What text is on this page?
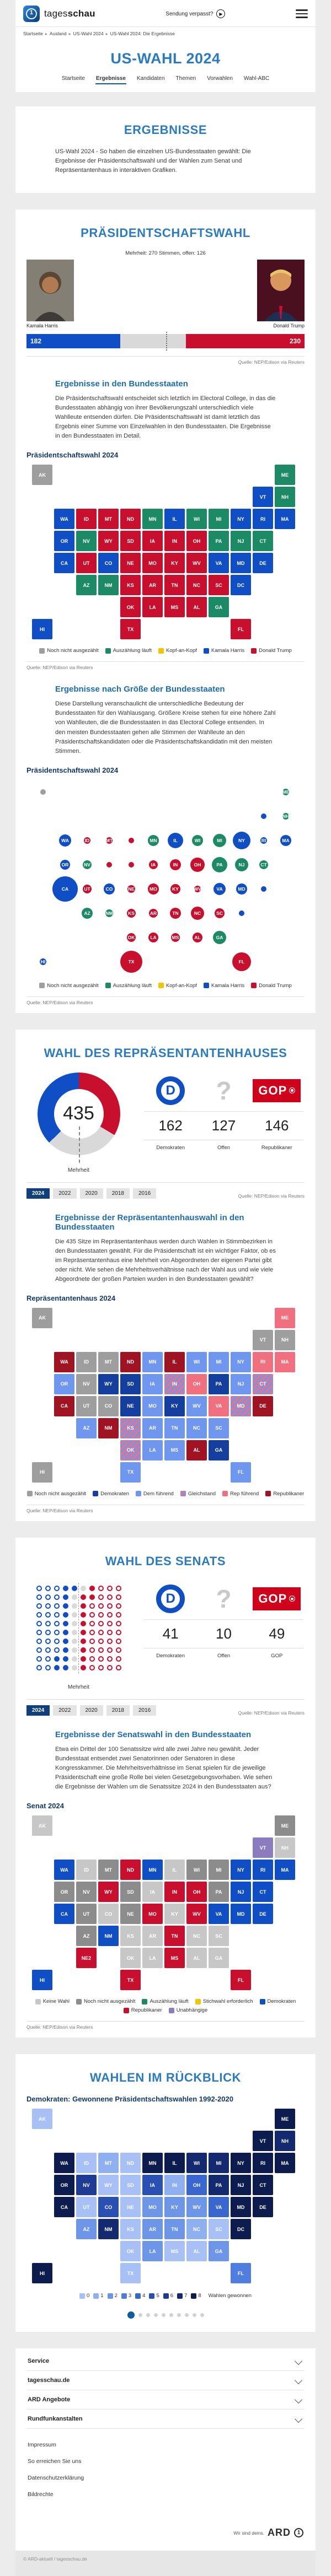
1 tagesschau	Sendung verpasst?	▶
Startseite ▸ Ausland ▸ US-Wahl 2024 ▸ US-Wahl 2024: Die Ergebnisse
US-WAHL 2024
Startseite Ergebnisse Kandidaten Themen Vorwahlen Wahl-ABC
ERGEBNISSE
US-Wahl 2024 - So haben die einzelnen US-Bundesstaaten gewählt: Die Ergebnisse der Präsidentschaftswahl und der Wahlen zum Senat und Repräsentantenhaus in interaktiven Grafiken.
PRÄSIDENTSCHAFTSWAHL
Mehrheit: 270 Stimmen, offen: 126
Kamala Harris	Donald Trump
182	230
Quelle: NEP/Edison via Reuters
Ergebnisse in den Bundesstaaten
Die Präsidentschaftswahl entscheidet sich letztlich im Electoral College, in das die Bundesstaaten abhängig von ihrer Bevölkerungszahl unterschiedlich viele Wahlleute entsenden dürfen. Die Präsidentschaftswahl ist damit letztlich das Ergebnis einer Summe von Einzelwahlen in den Bundesstaaten. Die Ergebnisse in den Bundesstaaten im Detail.
Präsidentschaftswahl 2024
AK
AL
AR
AZ
CA	CO
CT
DC
DE
FL
GA
HI
IA
ID	IL
IN
KS
KY
LA
MA
MD
ME
MI
MN
MO
MS
MT
NC
ND
NE
NH
NJ
NM
NV
NY
OH
OK
OR	PA
RI
SC
SD
TN
TX
UT	VA
VT
WA	WI
WV
WY
Noch nicht ausgezählt	Auszählung läuft	Kopf-an-Kopf	Kamala Harris	Donald Trump
Quelle: NEP/Edison via Reuters
Ergebnisse nach Größe der Bundesstaaten
Diese Darstellung veranschaulicht die unterschiedliche Bedeutung der Bundesstaaten für den Wahlausgang. Größere Kreise stehen für eine höhere Zahl von Wahlleuten, die die Bundesstaaten in das Electoral College entsenden. In den meisten Bundesstaaten gehen alle Stimmen der Wahlleute an den Präsidentschaftskandidaten oder die Präsidentschaftskandidatin mit den meisten Stimmen.
Präsidentschaftswahl 2024
AL
AR
AZ
CA	CO
CT
FL
GA
HI
IA
ID	IL
IN
KS
KY
LA
MA
MD
ME
MI
MN
MO
MS
MT
NC
NE
NH
NJ
NM
NV
NY
OH
OK
OR	PA
RI
SC
TN
TX
UT	VA
WA	WI
WV
Noch nicht ausgezählt	Auszählung läuft	Kopf-an-Kopf	Kamala Harris	Donald Trump
Quelle: NEP/Edison via Reuters
WAHL DES REPRÄSENTANTENHAUSES
435
Mehrheit
D
162
Demokraten
?
127
Offen
GOP
146
Republikaner
2024	2022	2020	2018	2016	Quelle: NEP/Edison via Reuters
Ergebnisse der Repräsentantenhauswahl in den Bundesstaaten
Die 435 Sitze im Repräsentantenhaus werden durch Wahlen in Stimmbezirken in den Bundesstaaten gewählt. Für die Präsidentschaft ist ein wichtiger Faktor, ob es im Repräsentantenhaus eine Mehrheit von Abgeordneten der eigenen Partei gibt oder nicht. Wie sehen die Mehrheitsverhältnisse nach der Wahl aus und wie viele Abgeordnete der großen Parteien wurden in den Bundesstaaten gewählt?
Repräsentantenhaus 2024
AK
AL
AR
AZ
CA	CO
CT
DE
FL
GA
HI
IA
ID	IL
IN
KS
KY
LA
MA
MD
ME
MI
MN
MO
MS
MT
NC
ND
NE
NH
NJ
NM
NV
NY
OH
OK
OR	PA
RI
SC
SD
TN
TX
UT	VA
VT
WA	WI
WV
WY
Noch nicht ausgezählt	Demokraten	Dem führend	Gleichstand	Rep führend	Republikaner
Quelle: NEP/Edison via Reuters
WAHL DES SENATS
Mehrheit
D
41
Demokraten
?
10
Offen
GOP
49
GOP
2024	2022	2020	2018	2016	Quelle: NEP/Edison via Reuters
Ergebnisse der Senatswahl in den Bundesstaaten
Etwa ein Drittel der 100 Senatssitze wird alle zwei Jahre neu gewählt. Jeder Bundesstaat entsendet zwei Senatorinnen oder Senatoren in diese Kongresskammer. Die Mehrheitsverhältnisse im Senat spielen für die jeweilige Präsidentschaft eine große Rolle bei vielen Gesetzgebungsvorhaben. Wie sehen die Ergebnisse der Wahlen um die Senatssitze 2024 in den Bundesstaaten aus?
Senat 2024
AK
AL
AR
AZ
CA	CO
CT
DE
FL
GA
HI
IA
ID	IL
IN
KS
KY
LA
MA
MD
ME
MI
MN
MO
MS
MT
NC
ND
NE
NE2
NH
NJ
NM
NV
NY
OH
OK
OR	PA
RI
SC
SD
TN
TX
UT	VA
VT
WA	WI
WV
WY
Keine Wahl	Noch nicht ausgezählt	Auszählung läuft	Stichwahl erforderlich	Demokraten
Republikaner	Unabhängige
Quelle: NEP/Edison via Reuters
WAHLEN IM RÜCKBLICK
Demokraten: Gewonnene Präsidentschaftswahlen 1992-2020
AK
AL
AR
AZ
CA	CO
CT
DC
DE
FL
GA
HI
IA
ID	IL
IN
KS
KY
LA
MA
MD
ME
MI
MN
MO
MS
MT
NC
ND
NE
NH
NJ
NM
NV
NY
OH
OK
OR	PA
RI
SC
SD
TN
TX
UT	VA
VT
WA	WI
WV
WY
0 1 2 3 4 5 6 7 8 Wahlen gewonnen
Service
tagesschau.de
ARD Angebote
Rundfunkanstalten
Impressum
So erreichen Sie uns
Datenschutzerklärung
Bildrechte
Wir sind deins. ARD	1
© ARD-aktuell / tagesschau.de
